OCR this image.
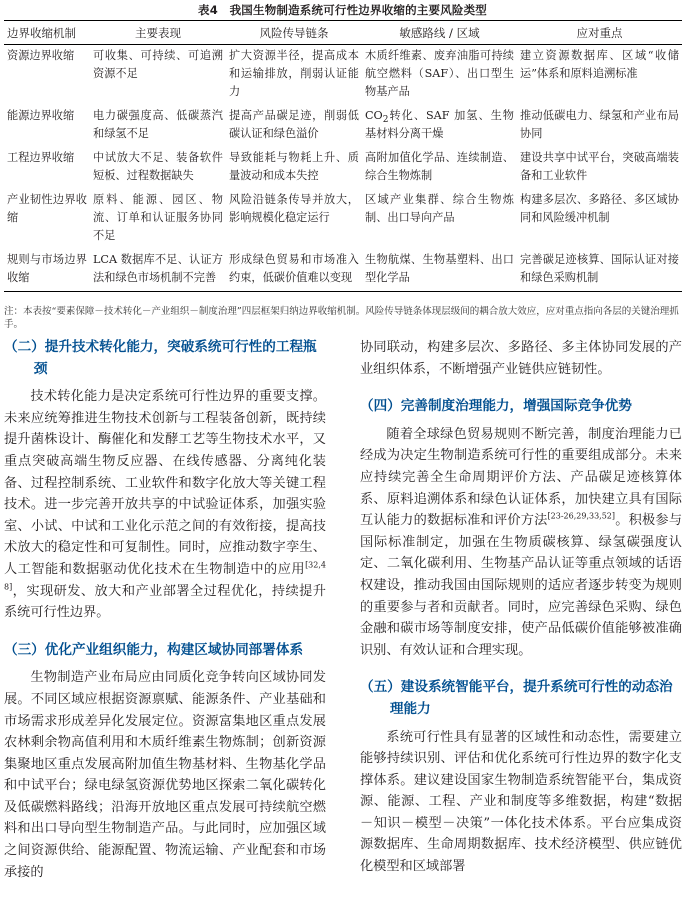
表4　我国生物制造系统可行性边界收缩的主要风险类型
边界收缩机制	主要表现	风险传导链条	敏感路线 / 区域	应对重点
资源边界收缩	可收集、可持续、可追溯资源不足	扩大资源半径，提高成本和运输排放，削弱认证能力	木质纤维素、废弃油脂可持续航空燃料（SAF）、出口型生物基产品	建立资源数据库、区域“收储运”体系和原料追溯标准
能源边界收缩	电力碳强度高、低碳蒸汽和绿氢不足	提高产品碳足迹，削弱低碳认证和绿色溢价	$CO_2$转化、SAF 加氢、生物基材料分离干燥	推动低碳电力、绿氢和产业布局协同
工程边界收缩	中试放大不足、装备软件短板、过程数据缺失	导致能耗与物耗上升、质量波动和成本失控	高附加值化学品、连续制造、综合生物炼制	建设共享中试平台，突破高端装备和工业软件
产业韧性边界收缩	原料、能源、园区、物流、订单和认证服务协同不足	风险沿链条传导并放大，影响规模化稳定运行	区域产业集群、综合生物炼制、出口导向产品	构建多层次、多路径、多区域协同和风险缓冲机制
规则与市场边界收缩	LCA 数据库不足、认证方法和绿色市场机制不完善	形成绿色贸易和市场准入约束，低碳价值难以变现	生物航煤、生物基塑料、出口型化学品	完善碳足迹核算、国际认证对接和绿色采购机制
注：本表按“要素保障－技术转化－产业组织－制度治理”四层框架归纳边界收缩机制。风险传导链条体现层级间的耦合放大效应，应对重点指向各层的关键治理抓手。
（二）提升技术转化能力，突破系统可行性的工程瓶颈

技术转化能力是决定系统可行性边界的重要支撑。未来应统筹推进生物技术创新与工程装备创新，既持续提升菌株设计、酶催化和发酵工艺等生物技术水平，又重点突破高端生物反应器、在线传感器、分离纯化装备、过程控制系统、工业软件和数字化放大等关键工程技术。进一步完善开放共享的中试验证体系，加强实验室、小试、中试和工业化示范之间的有效衔接，提高技术放大的稳定性和可复制性。同时，应推动数字孪生、人工智能和数据驱动优化技术在生物制造中的应用[32,48]，实现研发、放大和产业部署全过程优化，持续提升系统可行性边界。

（三）优化产业组织能力，构建区域协同部署体系

生物制造产业布局应由同质化竞争转向区域协同发展。不同区域应根据资源禀赋、能源条件、产业基础和市场需求形成差异化发展定位。资源富集地区重点发展农林剩余物高值利用和木质纤维素生物炼制；创新资源集聚地区重点发展高附加值生物基材料、生物基化学品和中试平台；绿电绿氢资源优势地区探索二氧化碳转化及低碳燃料路线；沿海开放地区重点发展可持续航空燃料和出口导向型生物制造产品。与此同时，应加强区域之间资源供给、能源配置、物流运输、产业配套和市场承接的

协同联动，构建多层次、多路径、多主体协同发展的产业组织体系，不断增强产业链供应链韧性。

（四）完善制度治理能力，增强国际竞争优势

随着全球绿色贸易规则不断完善，制度治理能力已经成为决定生物制造系统可行性的重要组成部分。未来应持续完善全生命周期评价方法、产品碳足迹核算体系、原料追溯体系和绿色认证体系，加快建立具有国际互认能力的数据标准和评价方法[23-26,29,33,52]。积极参与国际标准制定，加强在生物质碳核算、绿氢碳强度认定、二氧化碳利用、生物基产品认证等重点领域的话语权建设，推动我国由国际规则的适应者逐步转变为规则的重要参与者和贡献者。同时，应完善绿色采购、绿色金融和碳市场等制度安排，使产品低碳价值能够被准确识别、有效认证和合理实现。

（五）建设系统智能平台，提升系统可行性的动态治理能力

系统可行性具有显著的区域性和动态性，需要建立能够持续识别、评估和优化系统可行性边界的数字化支撑体系。建议建设国家生物制造系统智能平台，集成资源、能源、工程、产业和制度等多维数据，构建“数据－知识－模型－决策”一体化技术体系。平台应集成资源数据库、生命周期数据库、技术经济模型、供应链优化模型和区域部署
